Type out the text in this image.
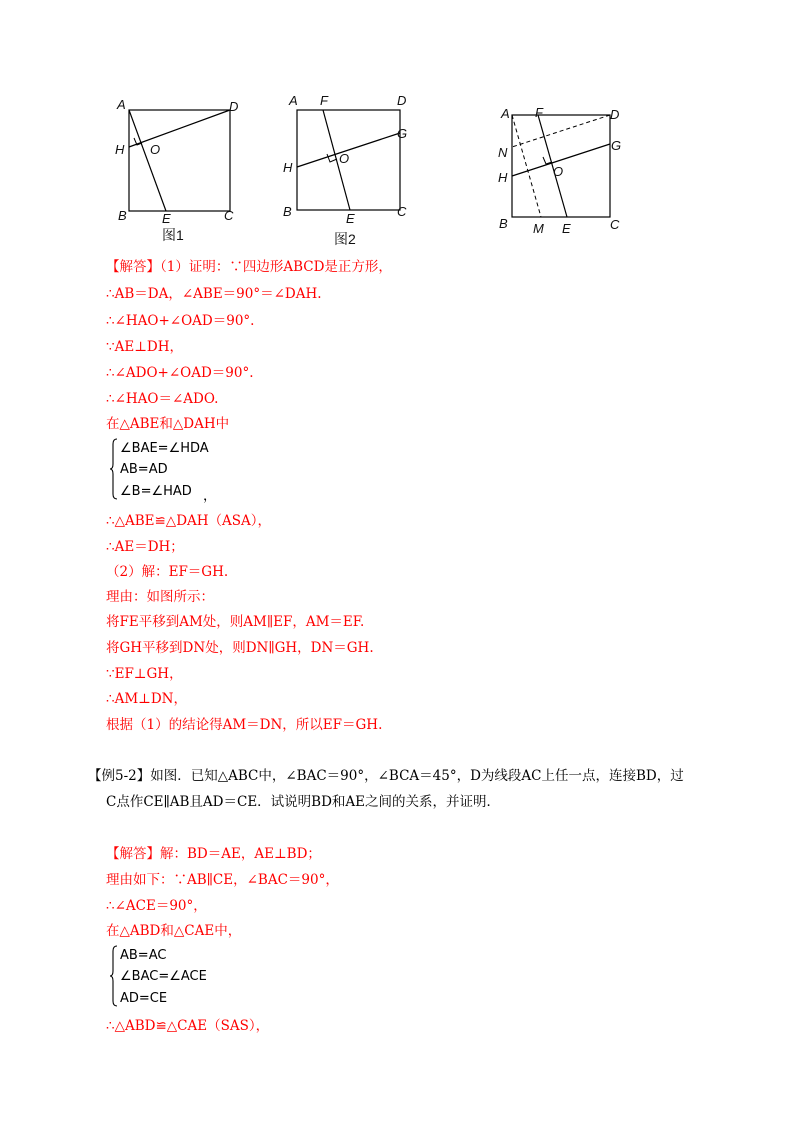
A	D
H O
B	E	C
图1
A F	D
G
H
O
B	E	C
图2
A F	D
N	G
H	O
B M E	C
【解答】（1）证明：∵四边形ABCD是正方形，
∴AB＝DA，∠ABE＝90°＝∠DAH.
∴∠HAO+∠OAD＝90°.
∵AE⊥DH，
∴∠ADO+∠OAD＝90°.
∴∠HAO＝∠ADO.
在△ABE和△DAH中
∠BAE=∠HDA
AB=AD
∠B=∠HAD ，
∴△ABE≌△DAH（ASA），
∴AE＝DH；
（2）解：EF＝GH.
理由：如图所示：
将FE平移到AM处，则AM∥EF，AM＝EF.
将GH平移到DN处，则DN∥GH，DN＝GH.
∵EF⊥GH，
∴AM⊥DN，
根据（1）的结论得AM＝DN，所以EF＝GH.
【例5-2】如图．已知△ABC中，∠BAC＝90°，∠BCA＝45°，D为线段AC上任一点，连接BD，过
C点作CE∥AB且AD＝CE．试说明BD和AE之间的关系，并证明．
【解答】解：BD＝AE，AE⊥BD；
理由如下：∵AB∥CE，∠BAC＝90°，
∴∠ACE＝90°，
在△ABD和△CAE中，
AB=AC
∠BAC=∠ACE
AD=CE
∴△ABD≌△CAE（SAS），
